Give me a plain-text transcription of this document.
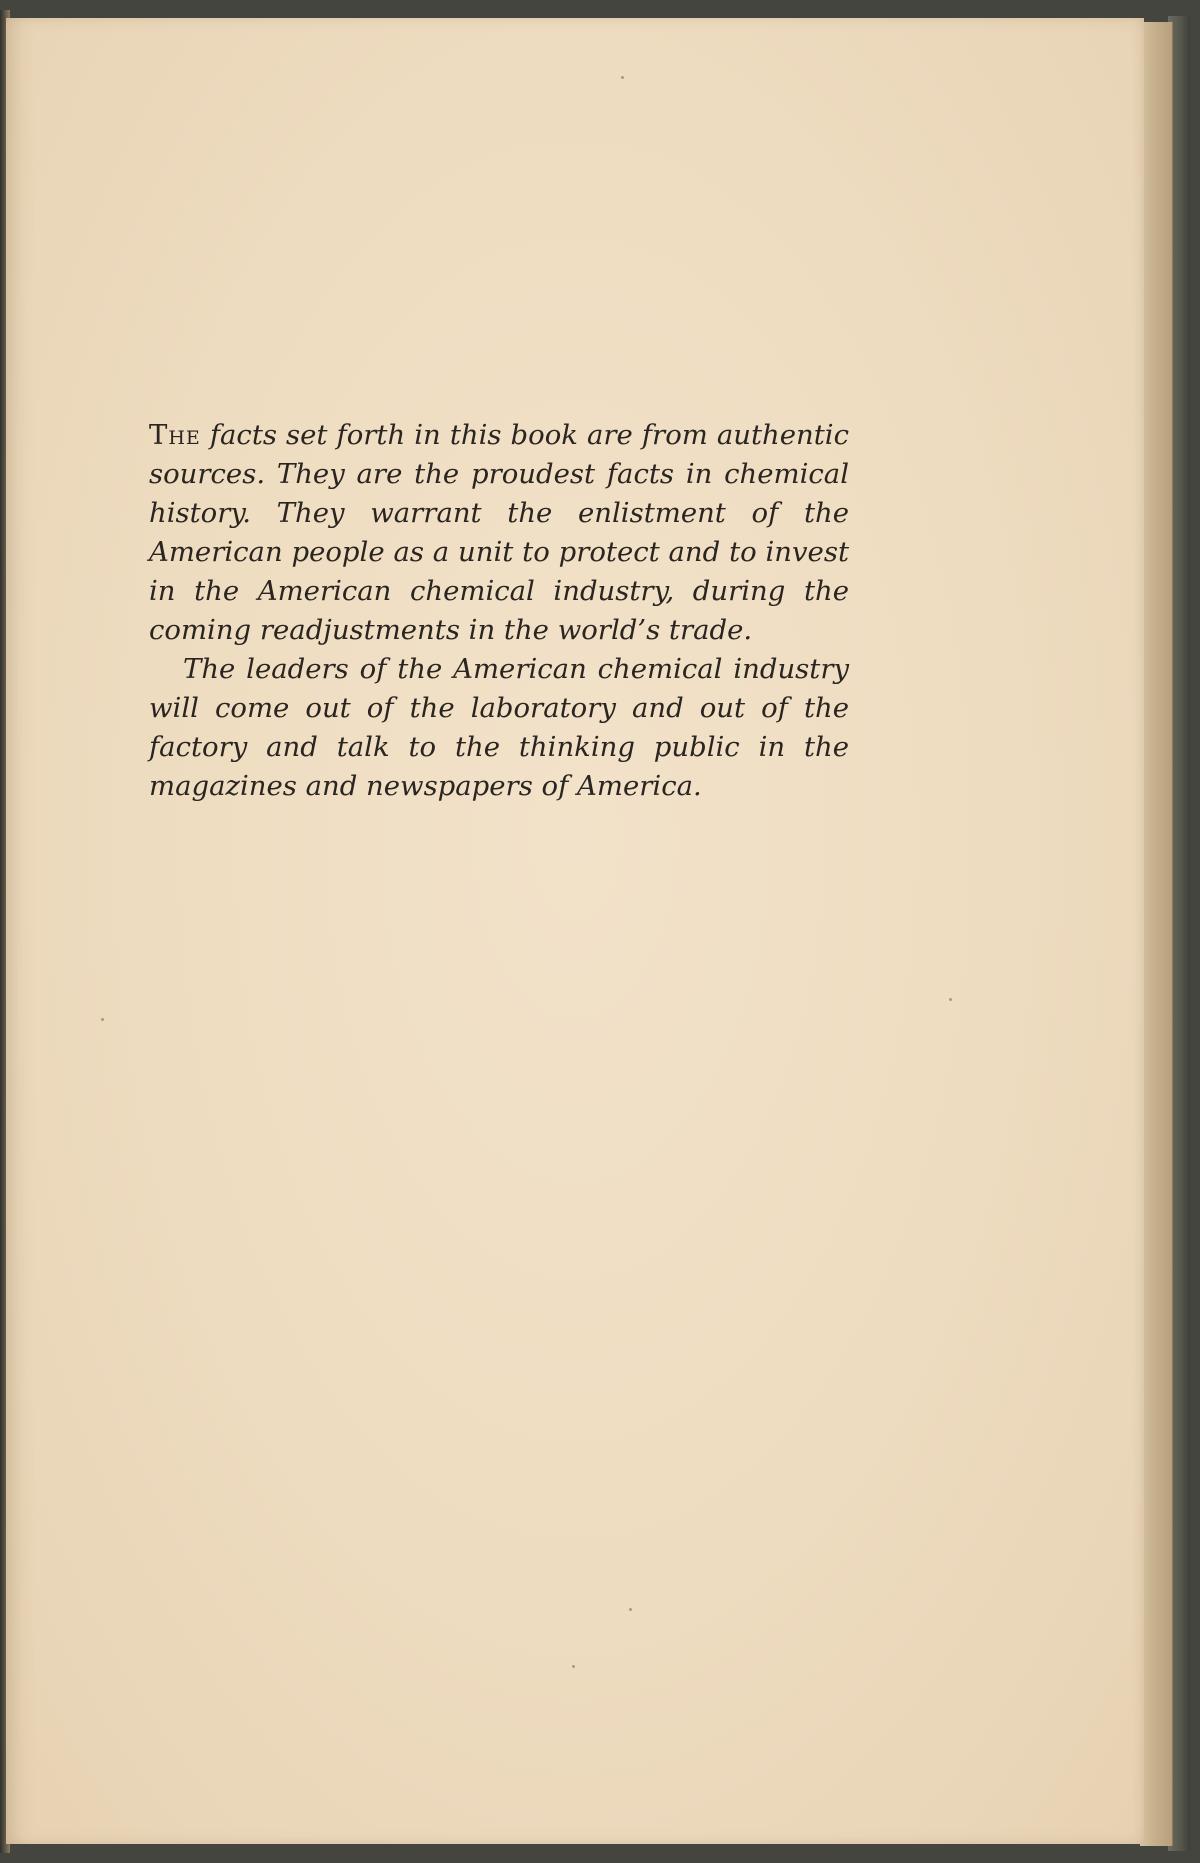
The facts set forth in this book are from authentic sources. They are the proudest facts in chemical history. They warrant the enlistment of the American people as a unit to protect and to invest in the American chemical industry, during the coming readjustments in the world’s trade.

The leaders of the American chemical industry will come out of the laboratory and out of the factory and talk to the thinking public in the magazines and newspapers of America.
